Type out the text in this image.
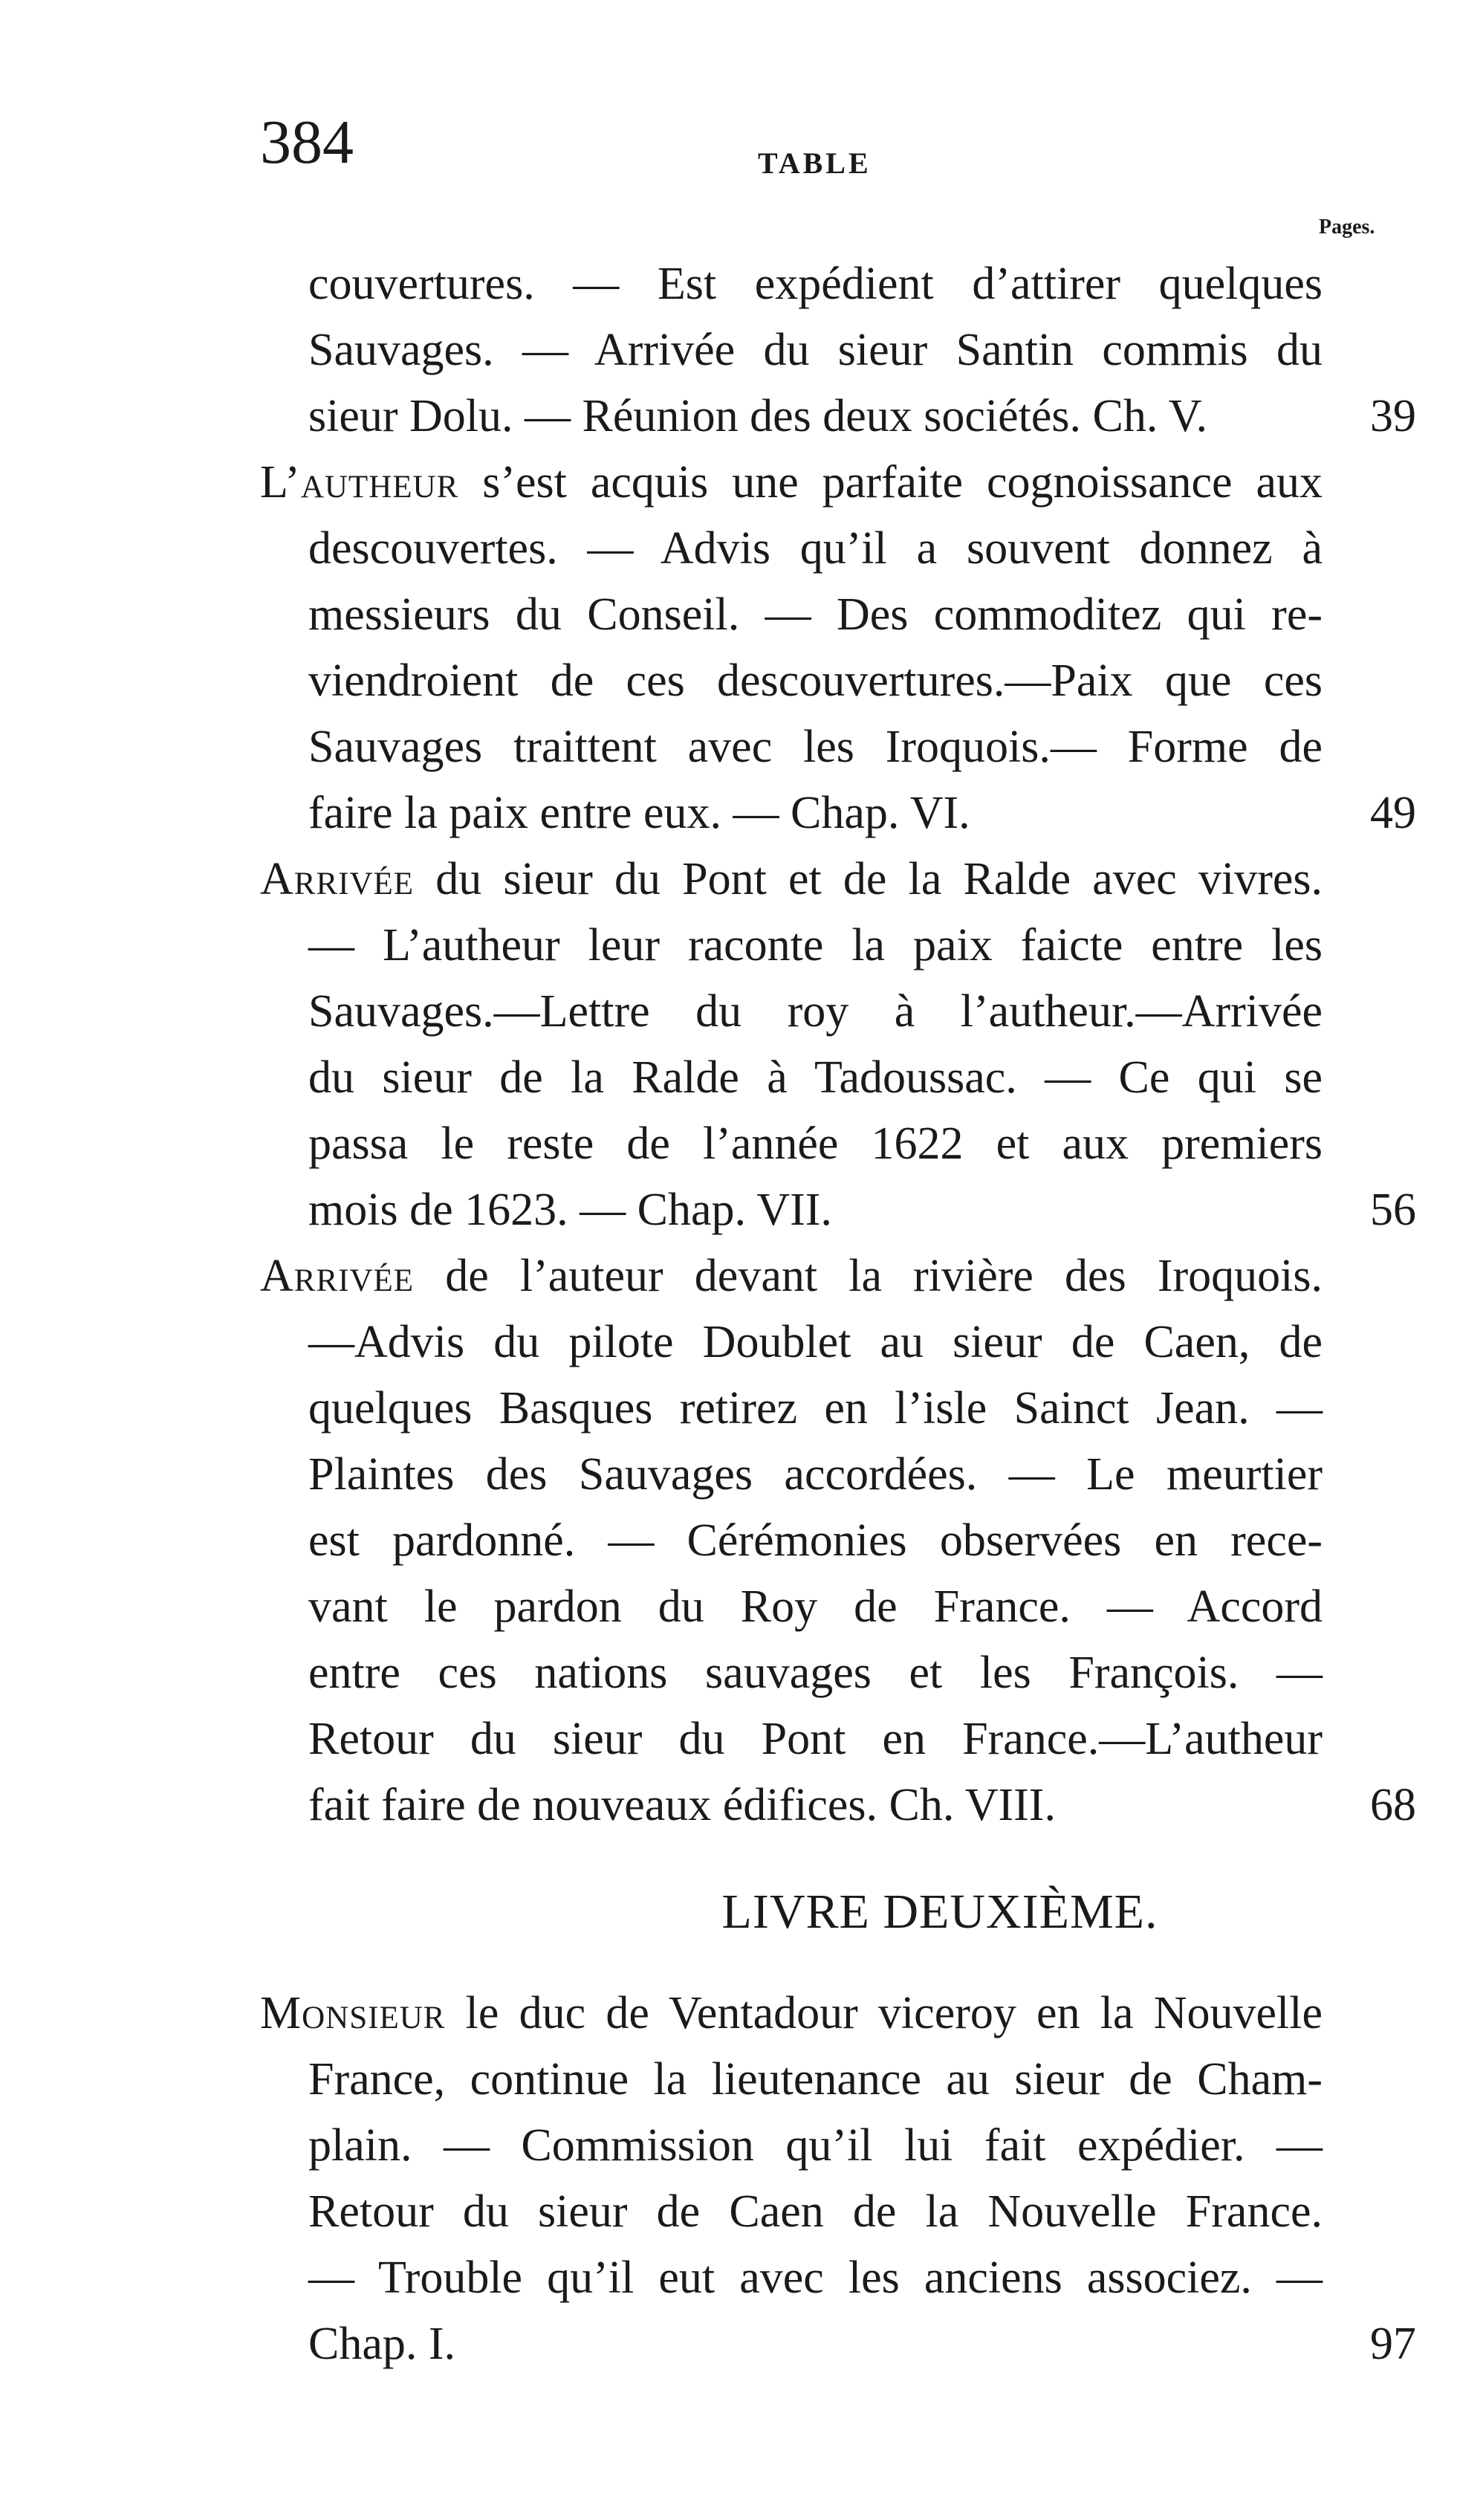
384	TABLE
Pages.
couvertures. — Est expédient d’attirer quelques
Sauvages. — Arrivée du sieur Santin commis du
sieur Dolu. — Réunion des deux sociétés. Ch. V.	39
L’autheur s’est acquis une parfaite cognoissance aux
descouvertes. — Advis qu’il a souvent donnez à
messieurs du Conseil. — Des commoditez qui re-
viendroient de ces descouvertures.—Paix que ces
Sauvages traittent avec les Iroquois.— Forme de
faire la paix entre eux. — Chap. VI.	49
Arrivée du sieur du Pont et de la Ralde avec vivres.
— L’autheur leur raconte la paix faicte entre les
Sauvages.—Lettre du roy à l’autheur.—Arrivée
du sieur de la Ralde à Tadoussac. — Ce qui se
passa le reste de l’année 1622 et aux premiers
mois de 1623. — Chap. VII.	56
Arrivée de l’auteur devant la rivière des Iroquois.
—Advis du pilote Doublet au sieur de Caen, de
quelques Basques retirez en l’isle Sainct Jean. —
Plaintes des Sauvages accordées. — Le meurtier
est pardonné. — Cérémonies observées en rece-
vant le pardon du Roy de France. — Accord
entre ces nations sauvages et les François. —
Retour du sieur du Pont en France.—L’autheur
fait faire de nouveaux édifices. Ch. VIII.	68
LIVRE DEUXIÈME.
Monsieur le duc de Ventadour viceroy en la Nouvelle
France, continue la lieutenance au sieur de Cham-
plain. — Commission qu’il lui fait expédier. —
Retour du sieur de Caen de la Nouvelle France.
— Trouble qu’il eut avec les anciens associez. —
Chap. I.	97
